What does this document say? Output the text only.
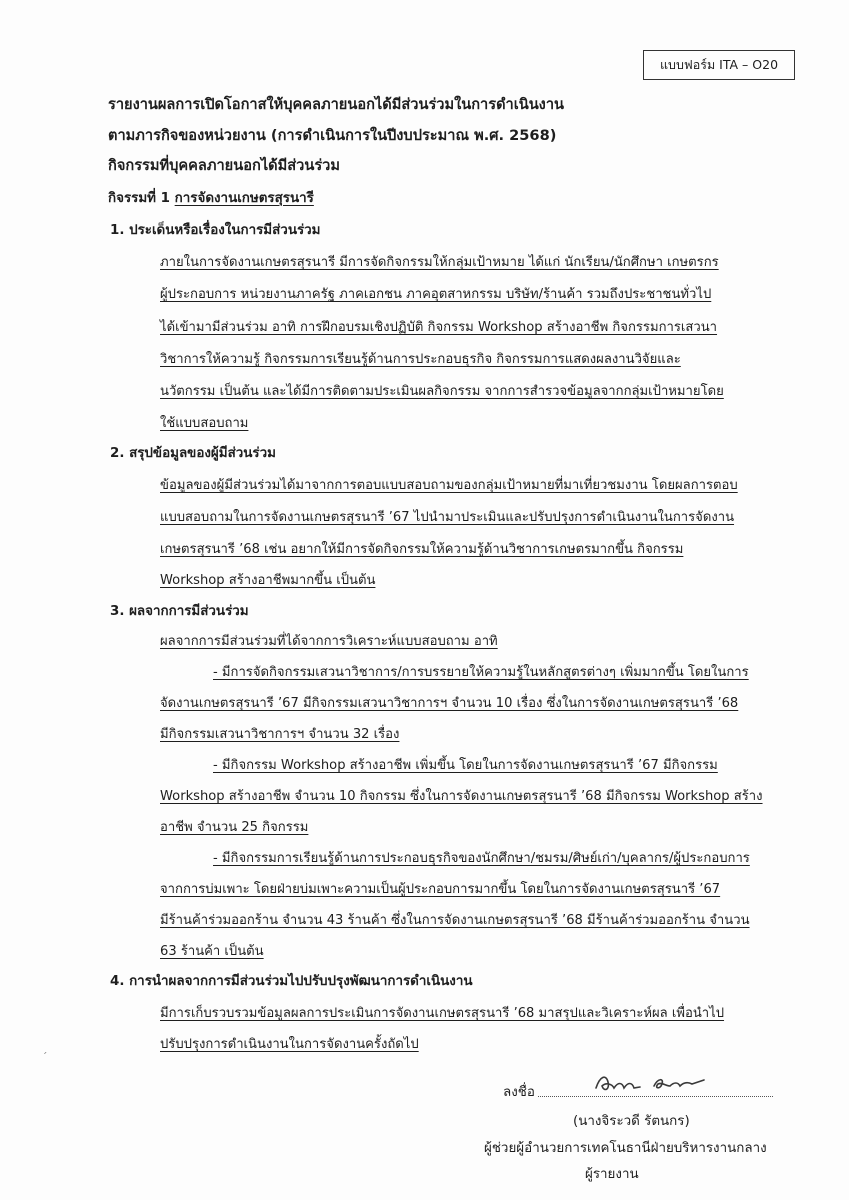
แบบฟอร์ม ITA – O20
รายงานผลการเปิดโอกาสให้บุคคลภายนอกได้มีส่วนร่วมในการดำเนินงาน
ตามภารกิจของหน่วยงาน (การดำเนินการในปีงบประมาณ พ.ศ. 2568)
กิจกรรมที่บุคคลภายนอกได้มีส่วนร่วม
กิจรรมที่ 1 การจัดงานเกษตรสุรนารี
1. ประเด็นหรือเรื่องในการมีส่วนร่วม
ภายในการจัดงานเกษตรสุรนารี มีการจัดกิจกรรมให้กลุ่มเป้าหมาย ได้แก่ นักเรียน/นักศึกษา เกษตรกร
ผู้ประกอบการ หน่วยงานภาครัฐ ภาคเอกชน ภาคอุตสาหกรรม บริษัท/ร้านค้า รวมถึงประชาชนทั่วไป
ได้เข้ามามีส่วนร่วม อาทิ การฝึกอบรมเชิงปฏิบัติ กิจกรรม Workshop สร้างอาชีพ กิจกรรมการเสวนา
วิชาการให้ความรู้ กิจกรรมการเรียนรู้ด้านการประกอบธุรกิจ กิจกรรมการแสดงผลงานวิจัยและ
นวัตกรรม เป็นต้น และได้มีการติดตามประเมินผลกิจกรรม จากการสำรวจข้อมูลจากกลุ่มเป้าหมายโดย
ใช้แบบสอบถาม
2. สรุปข้อมูลของผู้มีส่วนร่วม
ข้อมูลของผู้มีส่วนร่วมได้มาจากการตอบแบบสอบถามของกลุ่มเป้าหมายที่มาเที่ยวชมงาน โดยผลการตอบ
แบบสอบถามในการจัดงานเกษตรสุรนารี ’67 ไปนำมาประเมินและปรับปรุงการดำเนินงานในการจัดงาน
เกษตรสุรนารี ’68 เช่น อยากให้มีการจัดกิจกรรมให้ความรู้ด้านวิชาการเกษตรมากขึ้น กิจกรรม
Workshop สร้างอาชีพมากขึ้น เป็นต้น
3. ผลจากการมีส่วนร่วม
ผลจากการมีส่วนร่วมที่ได้จากการวิเคราะห์แบบสอบถาม อาทิ
- มีการจัดกิจกรรมเสวนาวิชาการ/การบรรยายให้ความรู้ในหลักสูตรต่างๆ เพิ่มมากขึ้น โดยในการ
จัดงานเกษตรสุรนารี ’67 มีกิจกรรมเสวนาวิชาการฯ จำนวน 10 เรื่อง ซึ่งในการจัดงานเกษตรสุรนารี ’68
มีกิจกรรมเสวนาวิชาการฯ จำนวน 32 เรื่อง
- มีกิจกรรม Workshop สร้างอาชีพ เพิ่มขึ้น โดยในการจัดงานเกษตรสุรนารี ’67 มีกิจกรรม
Workshop สร้างอาชีพ จำนวน 10 กิจกรรม ซึ่งในการจัดงานเกษตรสุรนารี ’68 มีกิจกรรม Workshop สร้าง
อาชีพ จำนวน 25 กิจกรรม
- มีกิจกรรมการเรียนรู้ด้านการประกอบธุรกิจของนักศึกษา/ชมรม/ศิษย์เก่า/บุคลากร/ผู้ประกอบการ
จากการบ่มเพาะ โดยฝ่ายบ่มเพาะความเป็นผู้ประกอบการมากขึ้น โดยในการจัดงานเกษตรสุรนารี ’67
มีร้านค้าร่วมออกร้าน จำนวน 43 ร้านค้า ซึ่งในการจัดงานเกษตรสุรนารี ’68 มีร้านค้าร่วมออกร้าน จำนวน
63 ร้านค้า เป็นต้น
4. การนำผลจากการมีส่วนร่วมไปปรับปรุงพัฒนาการดำเนินงาน
มีการเก็บรวบรวมข้อมูลผลการประเมินการจัดงานเกษตรสุรนารี ’68 มาสรุปและวิเคราะห์ผล เพื่อนำไป
ปรับปรุงการดำเนินงานในการจัดงานครั้งถัดไป
׳
ลงชื่อ
(นางจิระวดี รัตนกร)
ผู้ช่วยผู้อำนวยการเทคโนธานีฝ่ายบริหารงานกลาง
ผู้รายงาน
